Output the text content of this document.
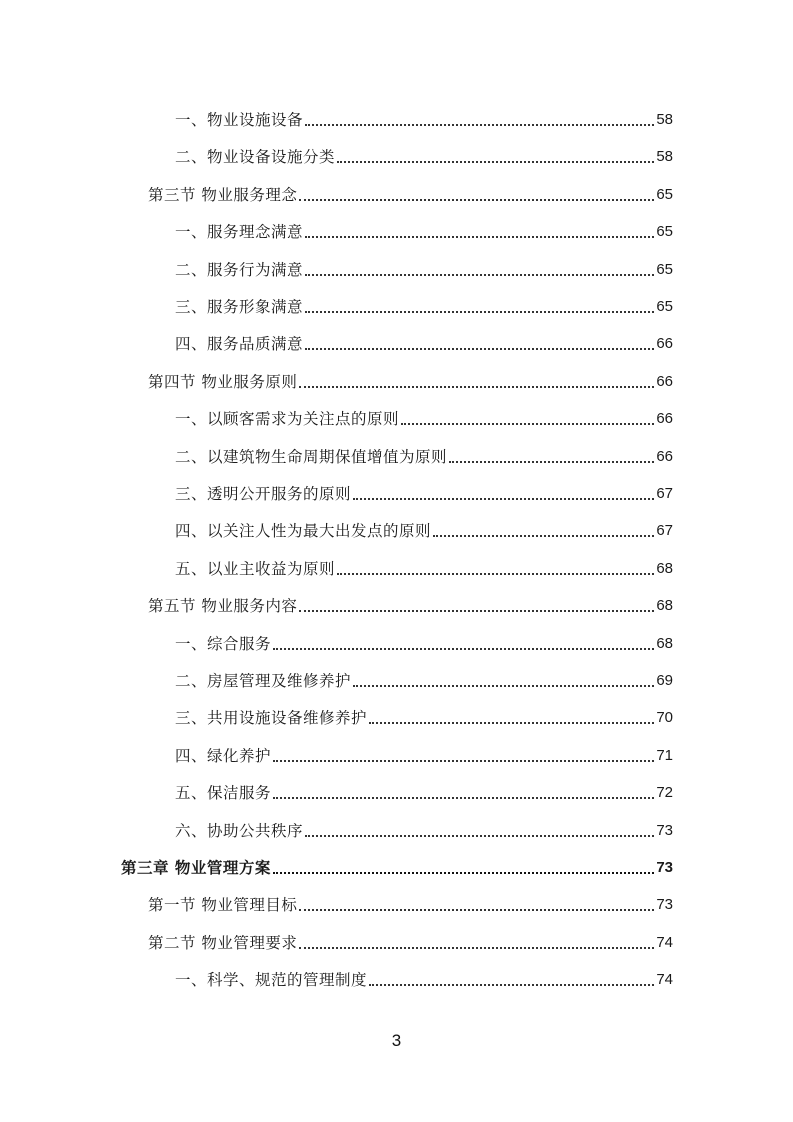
一、物业设施设备	58
二、物业设备设施分类	58
第三节 物业服务理念	65
一、服务理念满意	65
二、服务行为满意	65
三、服务形象满意	65
四、服务品质满意	66
第四节 物业服务原则	66
一、以顾客需求为关注点的原则	66
二、以建筑物生命周期保值增值为原则	66
三、透明公开服务的原则	67
四、以关注人性为最大出发点的原则	67
五、以业主收益为原则	68
第五节 物业服务内容	68
一、综合服务	68
二、房屋管理及维修养护	69
三、共用设施设备维修养护	70
四、绿化养护	71
五、保洁服务	72
六、协助公共秩序	73
第三章 物业管理方案	73
第一节 物业管理目标	73
第二节 物业管理要求	74
一、科学、规范的管理制度	74
3
